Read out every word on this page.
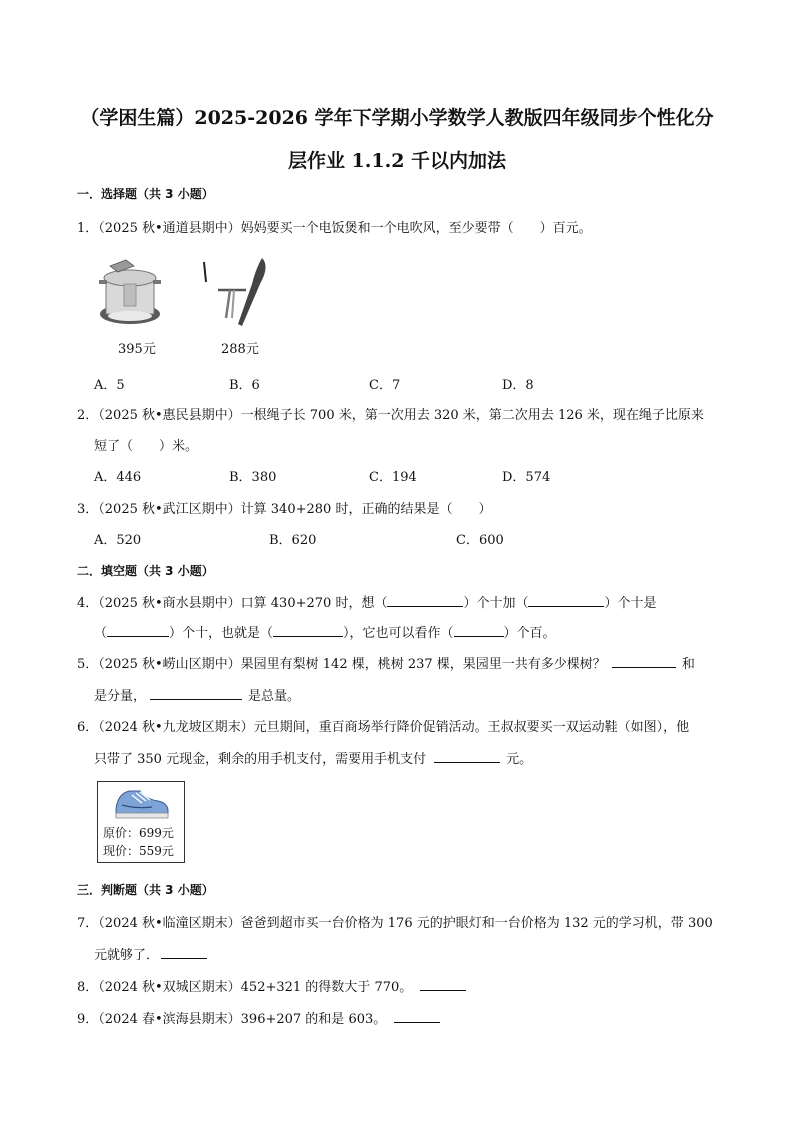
（学困生篇）2025-2026 学年下学期小学数学人教版四年级同步个性化分
层作业 1.1.2 千以内加法
一．选择题（共 3 小题）
1．（2025 秋•通道县期中）妈妈要买一个电饭煲和一个电吹风，至少要带（　　）百元。
395元	288元
A．5	B．6	C．7	D．8
2．（2025 秋•惠民县期中）一根绳子长 700 米，第一次用去 320 米，第二次用去 126 米，现在绳子比原来
短了（　　）米。
A．446	B．380	C．194	D．574
3．（2025 秋•武江区期中）计算 340+280 时，正确的结果是（　　）
A．520	B．620	C．600
二．填空题（共 3 小题）
4．（2025 秋•商水县期中）口算 430+270 时，想（	）个十加（	）个十是
（	）个十，也就是（	），它也可以看作（	）个百。
5．（2025 秋•崂山区期中）果园里有梨树 142 棵，桃树 237 棵，果园里一共有多少棵树？	和
是分量，	是总量。
6．（2024 秋•九龙坡区期末）元旦期间，重百商场举行降价促销活动。王叔叔要买一双运动鞋（如图），他
只带了 350 元现金，剩余的用手机支付，需要用手机支付	元。
原价：699元
现价：559元
三．判断题（共 3 小题）
7．（2024 秋•临潼区期末）爸爸到超市买一台价格为 176 元的护眼灯和一台价格为 132 元的学习机，带 300
元就够了．
8．（2024 秋•双城区期末）452+321 的得数大于 770。
9．（2024 春•滨海县期末）396+207 的和是 603。
